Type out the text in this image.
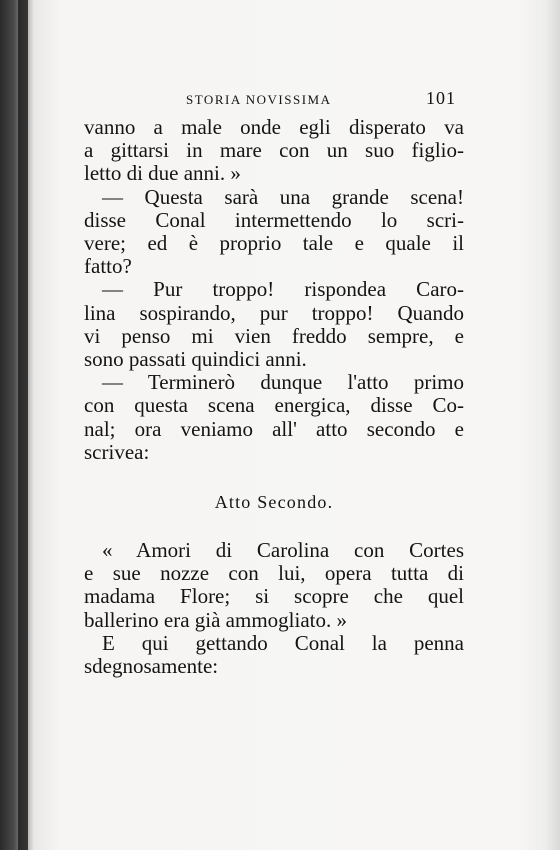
STORIA NOVISSIMA	101
vanno a male onde egli disperato va
a gittarsi in mare con un suo figlio-
letto di due anni. »
— Questa sarà una grande scena!
disse Conal intermettendo lo scri-
vere; ed è proprio tale e quale il
fatto?
— Pur troppo! rispondea Caro-
lina sospirando, pur troppo! Quando
vi penso mi vien freddo sempre, e
sono passati quindici anni.
— Terminerò dunque l'atto primo
con questa scena energica, disse Co-
nal; ora veniamo all' atto secondo e
scrivea:
Atto Secondo.
« Amori di Carolina con Cortes
e sue nozze con lui, opera tutta di
madama Flore; si scopre che quel
ballerino era già ammogliato. »
E qui gettando Conal la penna
sdegnosamente:
